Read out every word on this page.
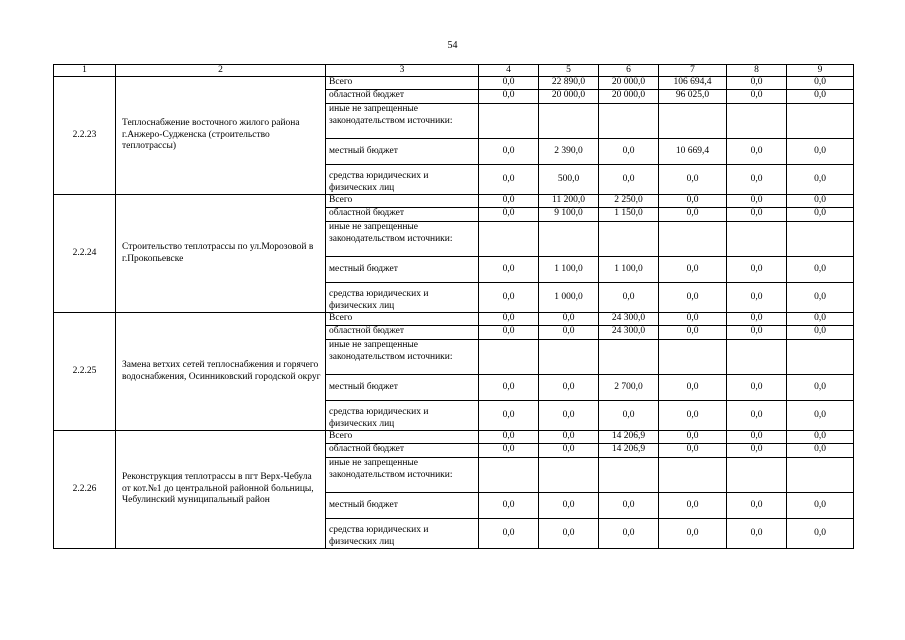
54
1	2	3	4	5	6	7	8	9
2.2.23	Теплоснабжение восточного жилого района г.Анжеро-Судженска (строительство теплотрассы)	Всего	0,0	22 890,0	20 000,0	106 694,4	0,0	0,0
		областной бюджет	0,0	20 000,0	20 000,0	96 025,0	0,0	0,0
		иные не запрещенные законодательством источники:						
		местный бюджет	0,0	2 390,0	0,0	10 669,4	0,0	0,0
		средства юридических и физических лиц	0,0	500,0	0,0	0,0	0,0	0,0
2.2.24	Строительство теплотрассы по ул.Морозовой в г.Прокопьевске	Всего	0,0	11 200,0	2 250,0	0,0	0,0	0,0
		областной бюджет	0,0	9 100,0	1 150,0	0,0	0,0	0,0
		иные не запрещенные законодательством источники:						
		местный бюджет	0,0	1 100,0	1 100,0	0,0	0,0	0,0
		средства юридических и физических лиц	0,0	1 000,0	0,0	0,0	0,0	0,0
2.2.25	Замена ветхих сетей теплоснабжения и горячего водоснабжения, Осинниковский городской округ	Всего	0,0	0,0	24 300,0	0,0	0,0	0,0
		областной бюджет	0,0	0,0	24 300,0	0,0	0,0	0,0
		иные не запрещенные законодательством источники:						
		местный бюджет	0,0	0,0	2 700,0	0,0	0,0	0,0
		средства юридических и физических лиц	0,0	0,0	0,0	0,0	0,0	0,0
2.2.26	Реконструкция теплотрассы в пгт Верх-Чебула от кот.№1 до центральной районной больницы, Чебулинский муниципальный район	Всего	0,0	0,0	14 206,9	0,0	0,0	0,0
		областной бюджет	0,0	0,0	14 206,9	0,0	0,0	0,0
		иные не запрещенные законодательством источники:						
		местный бюджет	0,0	0,0	0,0	0,0	0,0	0,0
		средства юридических и физических лиц	0,0	0,0	0,0	0,0	0,0	0,0
